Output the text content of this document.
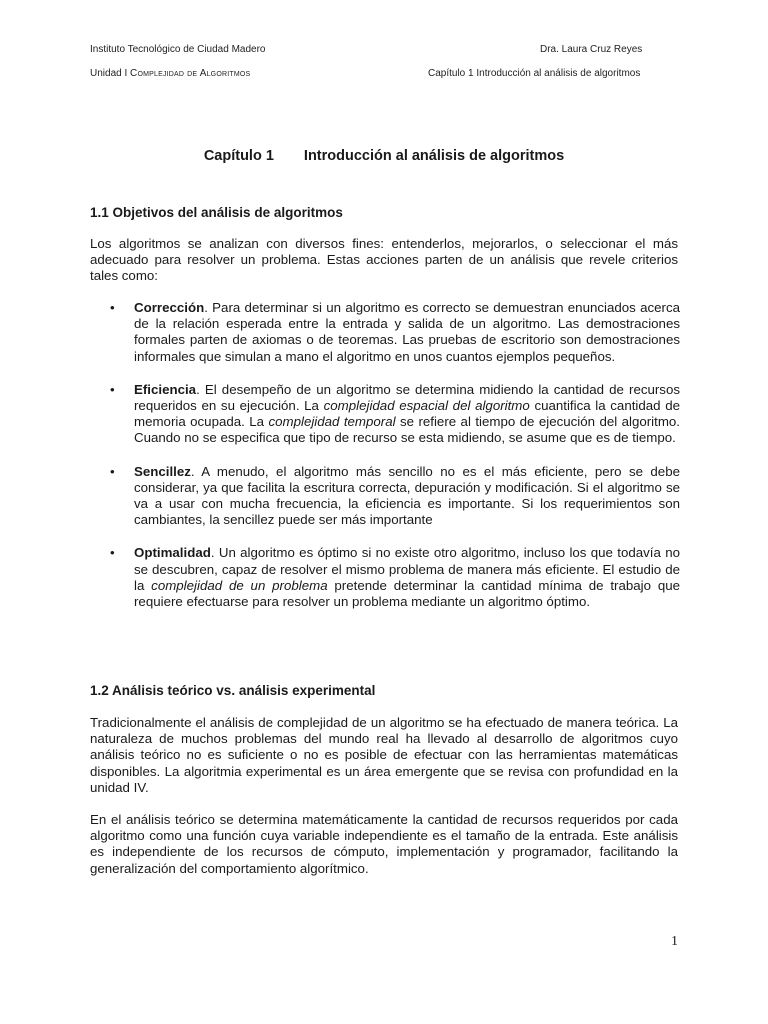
Instituto Tecnológico de Ciudad Madero	Dra. Laura Cruz Reyes
Unidad I Complejidad de Algoritmos	Capítulo 1 Introducción al análisis de algoritmos
Capítulo 1 Introducción al análisis de algoritmos
1.1 Objetivos del análisis de algoritmos
Los algoritmos se analizan con diversos fines: entenderlos, mejorarlos, o seleccionar el más adecuado para resolver un problema. Estas acciones parten de un análisis que revele criterios tales como:
• Corrección. Para determinar si un algoritmo es correcto se demuestran enunciados acerca de la relación esperada entre la entrada y salida de un algoritmo. Las demostraciones formales parten de axiomas o de teoremas. Las pruebas de escritorio son demostraciones informales que simulan a mano el algoritmo en unos cuantos ejemplos pequeños.
• Eficiencia. El desempeño de un algoritmo se determina midiendo la cantidad de recursos requeridos en su ejecución. La complejidad espacial del algoritmo cuantifica la cantidad de memoria ocupada. La complejidad temporal se refiere al tiempo de ejecución del algoritmo. Cuando no se especifica que tipo de recurso se esta midiendo, se asume que es de tiempo.
• Sencillez. A menudo, el algoritmo más sencillo no es el más eficiente, pero se debe considerar, ya que facilita la escritura correcta, depuración y modificación. Si el algoritmo se va a usar con mucha frecuencia, la eficiencia es importante. Si los requerimientos son cambiantes, la sencillez puede ser más importante
• Optimalidad. Un algoritmo es óptimo si no existe otro algoritmo, incluso los que todavía no se descubren, capaz de resolver el mismo problema de manera más eficiente. El estudio de la complejidad de un problema pretende determinar la cantidad mínima de trabajo que requiere efectuarse para resolver un problema mediante un algoritmo óptimo.
1.2 Análisis teórico vs. análisis experimental
Tradicionalmente el análisis de complejidad de un algoritmo se ha efectuado de manera teórica. La naturaleza de muchos problemas del mundo real ha llevado al desarrollo de algoritmos cuyo análisis teórico no es suficiente o no es posible de efectuar con las herramientas matemáticas disponibles. La algoritmia experimental es un área emergente que se revisa con profundidad en la unidad IV.
En el análisis teórico se determina matemáticamente la cantidad de recursos requeridos por cada algoritmo como una función cuya variable independiente es el tamaño de la entrada. Este análisis es independiente de los recursos de cómputo, implementación y programador, facilitando la generalización del comportamiento algorítmico.
1
